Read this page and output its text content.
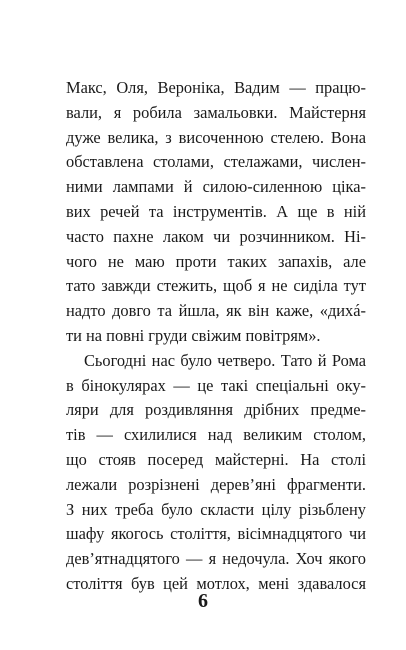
Макс, Оля, Вероніка, Вадим — працю-
вали, я робила замальовки. Майстерня
дуже велика, з височенною стелею. Вона
обставлена столами, стелажами, числен-
ними лампами й силою-силенною ціка-
вих речей та інструментів. А ще в ній
часто пахне лаком чи розчинником. Ні-
чого не маю проти таких запахів, але
тато завжди стежить, щоб я не сиділа тут
надто довго та йшла, як він каже, «дихá-
ти на повні груди свіжим повітрям».
Сьогодні нас було четверо. Тато й Рома
в бінокулярах — це такі спеціальні оку-
ляри для роздивляння дрібних предме-
тів — схилилися над великим столом,
що стояв посеред майстерні. На столі
лежали розрізнені дерев’яні фрагменти.
З них треба було скласти цілу різьблену
шафу якогось століття, вісімнадцятого чи
дев’ятнадцятого — я недочула. Хоч якого
століття був цей мотлох, мені здавалося
6
